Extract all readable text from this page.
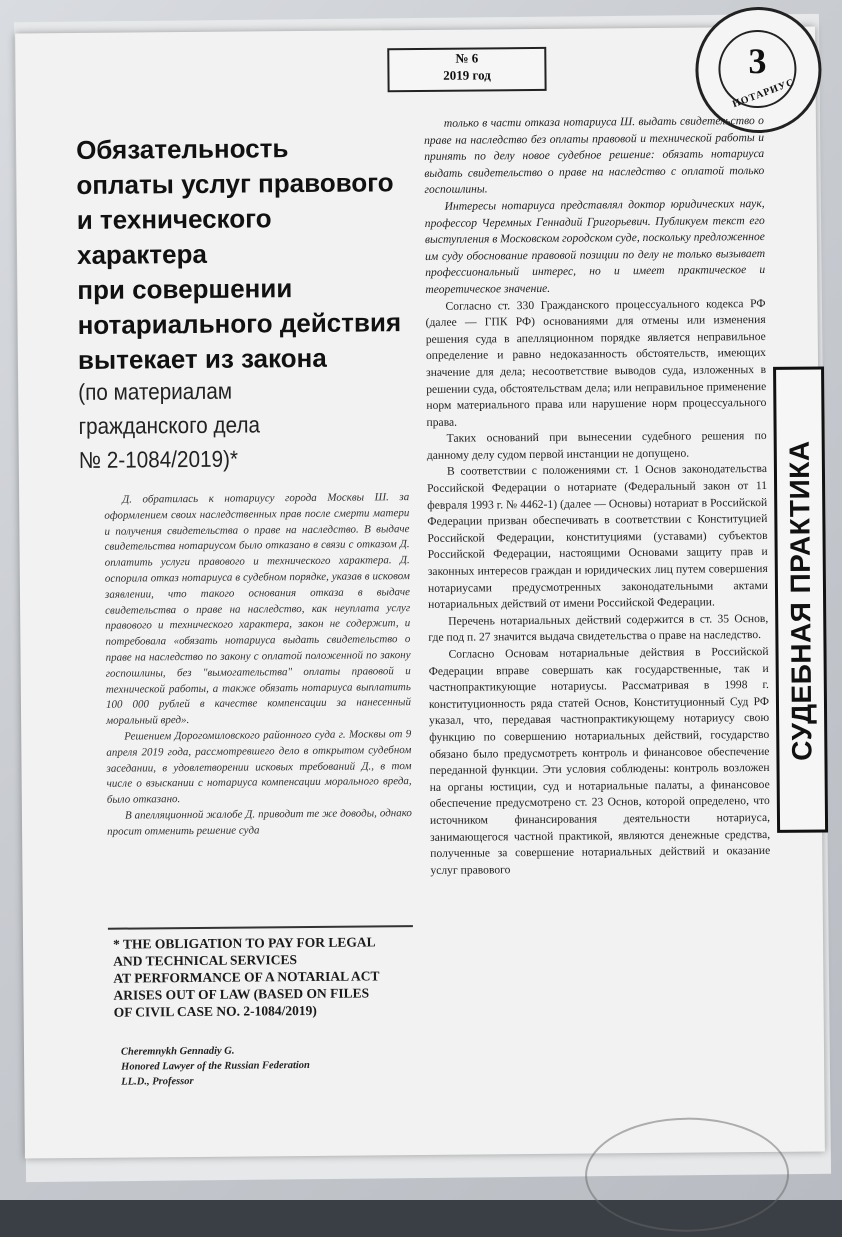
№ 6
2019 год	3
НОТАРИУС
Обязательность
оплаты услуг правового
и технического
характера
при совершении
нотариального действия
вытекает из закона
(по материалам
гражданского дела
№ 2-1084/2019)*

Д. обратилась к нотариусу города Москвы Ш. за оформлением своих наследственных прав после смерти матери и получения свидетельства о праве на наследство. В выдаче свидетельства нотариусом было отказано в связи с отказом Д. оплатить услуги правового и технического характера. Д. оспорила отказ нотариуса в судебном порядке, указав в исковом заявлении, что такого основания отказа в выдаче свидетельства о праве на наследство, как неуплата услуг правового и технического характера, закон не содержит, и потребовала «обязать нотариуса выдать свидетельство о праве на наследство по закону с оплатой положенной по закону госпошлины, без "вымогательства" оплаты правовой и технической работы, а также обязать нотариуса выплатить 100 000 рублей в качестве компенсации за нанесенный моральный вред».

Решением Дорогомиловского районного суда г. Москвы от 9 апреля 2019 года, рассмотревшего дело в открытом судебном заседании, в удовлетворении исковых требований Д., в том числе о взыскании с нотариуса компенсации морального вреда, было отказано.

В апелляционной жалобе Д. приводит те же доводы, однако просит отменить решение суда

* THE OBLIGATION TO PAY FOR LEGAL
AND TECHNICAL SERVICES
AT PERFORMANCE OF A NOTARIAL ACT
ARISES OUT OF LAW (BASED ON FILES
OF CIVIL CASE NO. 2-1084/2019)
Cheremnykh Gennadiy G.
Honored Lawyer of the Russian Federation
LL.D., Professor

только в части отказа нотариуса Ш. выдать свидетельство о праве на наследство без оплаты правовой и технической работы и принять по делу новое судебное решение: обязать нотариуса выдать свидетельство о праве на наследство с оплатой только госпошлины.

Интересы нотариуса представлял доктор юридических наук, профессор Черемных Геннадий Григорьевич. Публикуем текст его выступления в Московском городском суде, поскольку предложенное им суду обоснование правовой позиции по делу не только вызывает профессиональный интерес, но и имеет практическое и теоретическое значение.

Согласно ст. 330 Гражданского процессуального кодекса РФ (далее — ГПК РФ) основаниями для отмены или изменения решения суда в апелляционном порядке является неправильное определение и равно недоказанность обстоятельств, имеющих значение для дела; несоответствие выводов суда, изложенных в решении суда, обстоятельствам дела; или неправильное применение норм материального права или нарушение норм процессуального права.

Таких оснований при вынесении судебного решения по данному делу судом первой инстанции не допущено.

В соответствии с положениями ст. 1 Основ законодательства Российской Федерации о нотариате (Федеральный закон от 11 февраля 1993 г. № 4462-1) (далее — Основы) нотариат в Российской Федерации призван обеспечивать в соответствии с Конституцией Российской Федерации, конституциями (уставами) субъектов Российской Федерации, настоящими Основами защиту прав и законных интересов граждан и юридических лиц путем совершения нотариусами предусмотренных законодательными актами нотариальных действий от имени Российской Федерации.

Перечень нотариальных действий содержится в ст. 35 Основ, где под п. 27 значится выдача свидетельства о праве на наследство.

Согласно Основам нотариальные действия в Российской Федерации вправе совершать как государственные, так и частнопрактикующие нотариусы. Рассматривая в 1998 г. конституционность ряда статей Основ, Конституционный Суд РФ указал, что, передавая частнопрактикующему нотариусу свою функцию по совершению нотариальных действий, государство обязано было предусмотреть контроль и финансовое обеспечение переданной функции. Эти условия соблюдены: контроль возложен на органы юстиции, суд и нотариальные палаты, а финансовое обеспечение предусмотрено ст. 23 Основ, которой определено, что источником финансирования деятельности нотариуса, занимающегося частной практикой, являются денежные средства, полученные за совершение нотариальных действий и оказание услуг правового

СУДЕБНАЯ ПРАКТИКА
